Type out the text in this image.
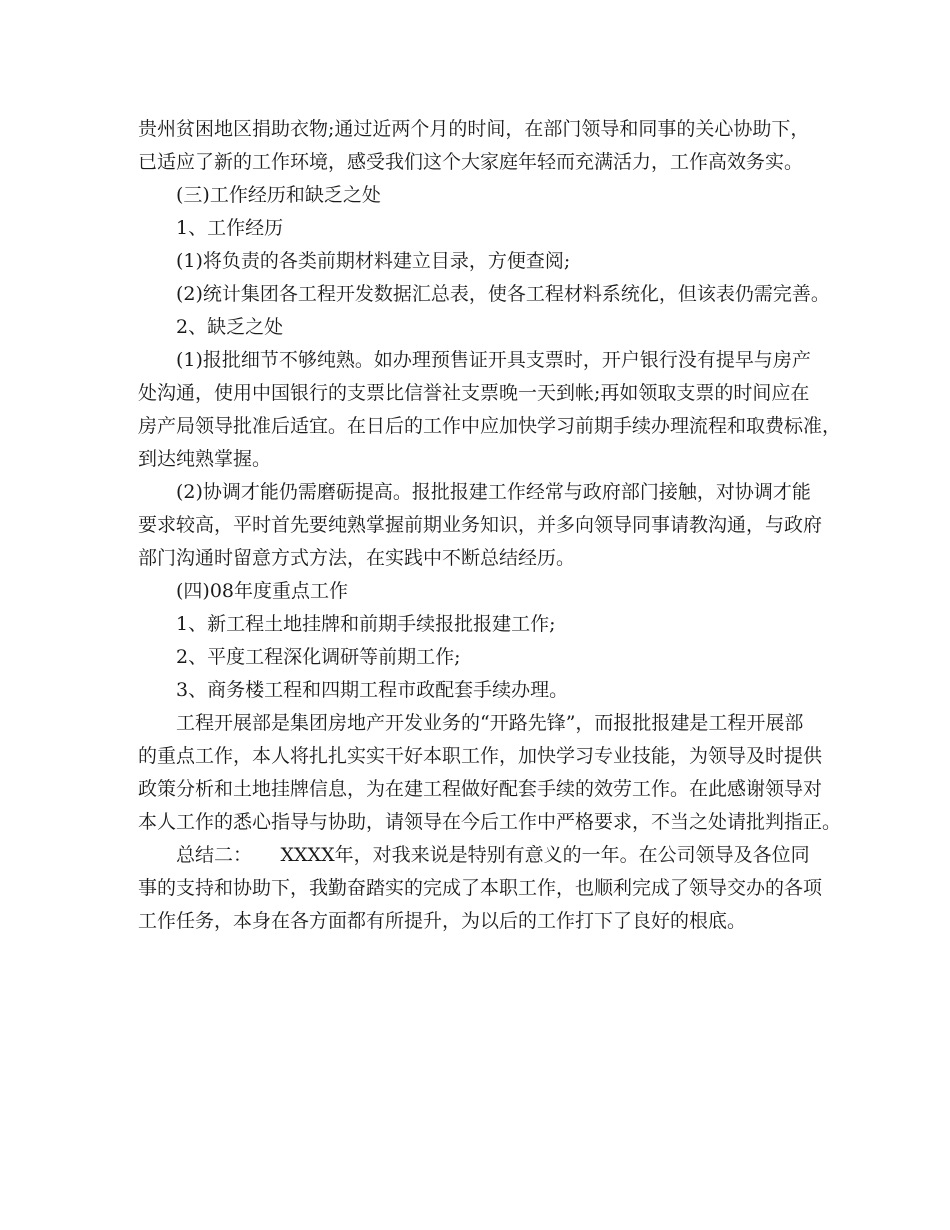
贵州贫困地区捐助衣物;通过近两个月的时间，在部门领导和同事的关心协助下，
已适应了新的工作环境，感受我们这个大家庭年轻而充满活力，工作高效务实。
(三)工作经历和缺乏之处
1、工作经历
(1)将负责的各类前期材料建立目录，方便查阅;
(2)统计集团各工程开发数据汇总表，使各工程材料系统化，但该表仍需完善。
2、缺乏之处
(1)报批细节不够纯熟。如办理预售证开具支票时，开户银行没有提早与房产
处沟通，使用中国银行的支票比信誉社支票晚一天到帐;再如领取支票的时间应在
房产局领导批准后适宜。在日后的工作中应加快学习前期手续办理流程和取费标准，
到达纯熟掌握。
(2)协调才能仍需磨砺提高。报批报建工作经常与政府部门接触，对协调才能
要求较高，平时首先要纯熟掌握前期业务知识，并多向领导同事请教沟通，与政府
部门沟通时留意方式方法，在实践中不断总结经历。
(四)08年度重点工作
1、新工程土地挂牌和前期手续报批报建工作;
2、平度工程深化调研等前期工作;
3、商务楼工程和四期工程市政配套手续办理。
工程开展部是集团房地产开发业务的“开路先锋”，而报批报建是工程开展部
的重点工作，本人将扎扎实实干好本职工作，加快学习专业技能，为领导及时提供
政策分析和土地挂牌信息，为在建工程做好配套手续的效劳工作。在此感谢领导对
本人工作的悉心指导与协助，请领导在今后工作中严格要求，不当之处请批判指正。
总结二：　　XXXX年，对我来说是特别有意义的一年。在公司领导及各位同
事的支持和协助下，我勤奋踏实的完成了本职工作，也顺利完成了领导交办的各项
工作任务，本身在各方面都有所提升，为以后的工作打下了良好的根底。
